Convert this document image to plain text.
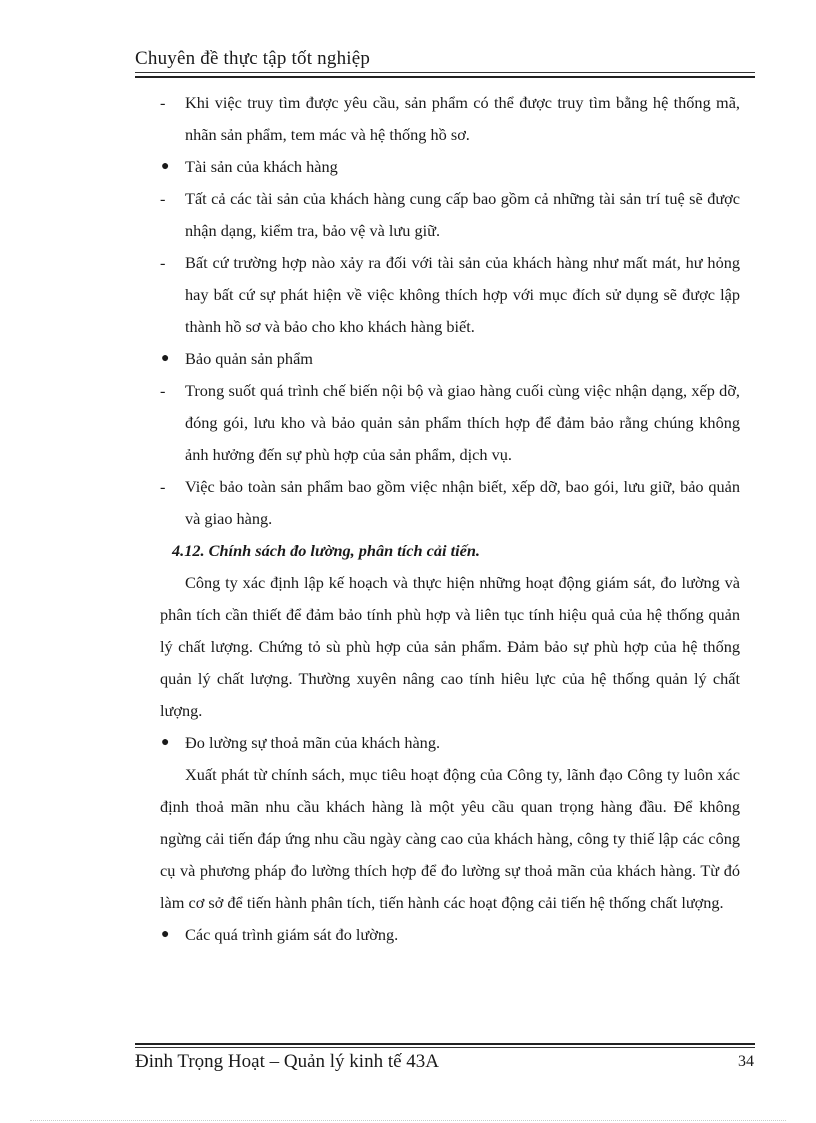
Chuyên đề thực tập tốt nghiệp
-	Khi việc truy tìm được yêu cầu, sản phẩm có thể được truy tìm bằng hệ thống mã, nhãn sản phẩm, tem mác và hệ thống hồ sơ.
● Tài sản của khách hàng
-	Tất cả các tài sản của khách hàng cung cấp bao gồm cả những tài sản trí tuệ sẽ được nhận dạng, kiểm tra, bảo vệ và lưu giữ.
-	Bất cứ trường hợp nào xảy ra đối với tài sản của khách hàng như mất mát, hư hỏng hay bất cứ sự phát hiện về việc không thích hợp với mục đích sử dụng sẽ được lập thành hồ sơ và bảo cho kho khách hàng biết.
● Bảo quản sản phẩm
-	Trong suốt quá trình chế biến nội bộ và giao hàng cuối cùng việc nhận dạng, xếp dỡ, đóng gói, lưu kho và bảo quản sản phẩm thích hợp để đảm bảo rằng chúng không ảnh hưởng đến sự phù hợp của sản phẩm, dịch vụ.
-	Việc bảo toàn sản phẩm bao gồm việc nhận biết, xếp dỡ, bao gói, lưu giữ, bảo quản và giao hàng.
4.12. Chính sách đo lường, phân tích cải tiến.
Công ty xác định lập kế hoạch và thực hiện những hoạt động giám sát, đo lường và phân tích cần thiết để đảm bảo tính phù hợp và liên tục tính hiệu quả của hệ thống quản lý chất lượng. Chứng tỏ sù phù hợp của sản phẩm. Đảm bảo sự phù hợp của hệ thống quản lý chất lượng. Thường xuyên nâng cao tính hiêu lực của hệ thống quản lý chất lượng.
● Đo lường sự thoả mãn của khách hàng.
Xuất phát từ chính sách, mục tiêu hoạt động của Công ty, lãnh đạo Công ty luôn xác định thoả mãn nhu cầu khách hàng là một yêu cầu quan trọng hàng đầu. Để không ngừng cải tiến đáp ứng nhu cầu ngày càng cao của khách hàng, công ty thiế lập các công cụ và phương pháp đo lường thích hợp để đo lường sự thoả mãn của khách hàng. Từ đó làm cơ sở để tiến hành phân tích, tiến hành các hoạt động cải tiến hệ thống chất lượng.
● Các quá trình giám sát đo lường.
Đinh Trọng Hoạt – Quản lý kinh tế 43A	34
